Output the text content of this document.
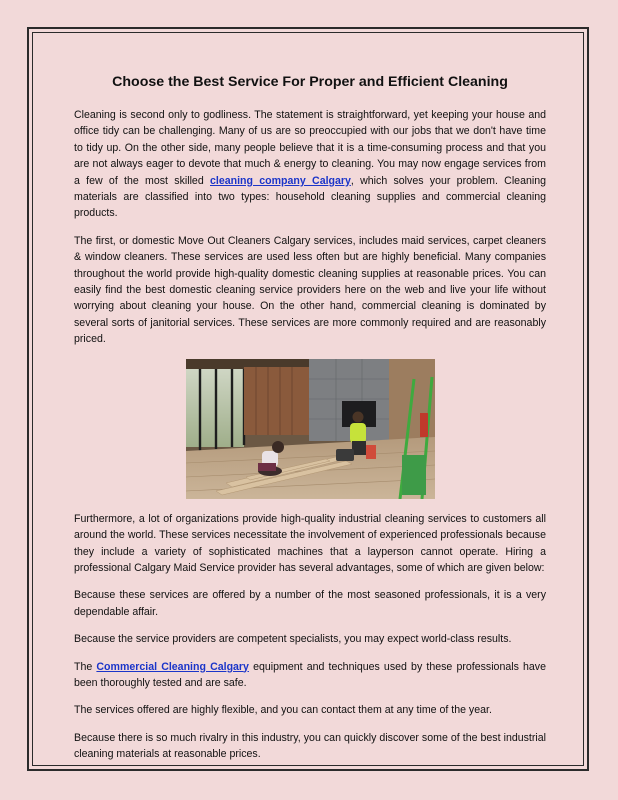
Choose the Best Service For Proper and Efficient Cleaning

Cleaning is second only to godliness. The statement is straightforward, yet keeping your house and office tidy can be challenging. Many of us are so preoccupied with our jobs that we don't have time to tidy up. On the other side, many people believe that it is a time-consuming process and that you are not always eager to devote that much & energy to cleaning. You may now engage services from a few of the most skilled cleaning company Calgary, which solves your problem. Cleaning materials are classified into two types: household cleaning supplies and commercial cleaning products.

The first, or domestic Move Out Cleaners Calgary services, includes maid services, carpet cleaners & window cleaners. These services are used less often but are highly beneficial. Many companies throughout the world provide high-quality domestic cleaning supplies at reasonable prices. You can easily find the best domestic cleaning service providers here on the web and live your life without worrying about cleaning your house. On the other hand, commercial cleaning is dominated by several sorts of janitorial services. These services are more commonly required and are reasonably priced.

Furthermore, a lot of organizations provide high-quality industrial cleaning services to customers all around the world. These services necessitate the involvement of experienced professionals because they include a variety of sophisticated machines that a layperson cannot operate. Hiring a professional Calgary Maid Service provider has several advantages, some of which are given below:

Because these services are offered by a number of the most seasoned professionals, it is a very dependable affair.

Because the service providers are competent specialists, you may expect world-class results.

The Commercial Cleaning Calgary equipment and techniques used by these professionals have been thoroughly tested and are safe.

The services offered are highly flexible, and you can contact them at any time of the year.

Because there is so much rivalry in this industry, you can quickly discover some of the best industrial cleaning materials at reasonable prices.
